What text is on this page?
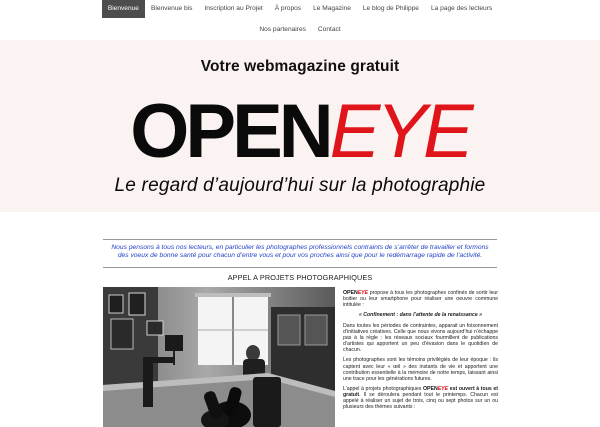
Bienvenue	Bienvenue bis	Inscription au Projet	À propos	Le Magazine	Le blog de Philippe	La page des lecteurs
Nos partenaires	Contact
Votre webmagazine gratuit
OPENEYE
Le regard d’aujourd’hui sur la photographie
Nous pensons à tous nos lecteurs, en particulier les photographes professionnels contraints de s’arrêter de travailler et formons
des voeux de bonne santé pour chacun d’entre vous et pour vos proches ainsi que pour le redémarrage rapide de l’activité.
APPEL A PROJETS PHOTOGRAPHIQUES

OPENEYE propose à tous les photographes confinés de sortir leur boitier ou leur smartphone pour réaliser une oeuvre commune intitulée :

« Confinement : dans l’attente de la renaissance »

Dans toutes les périodes de contraintes, apparait un foisonnement d’initiatives créatives. Celle que nous vivons aujourd’hui n’échappe pas à la règle : les réseaux sociaux fourmillent de publications d’artistes qui apportent un peu d’évasion dans le quotidien de chacun.

Les photographes sont les témoins privilégiés de leur époque : ils captent avec leur « œil » des instants de vie et apportent une contribution essentielle à la mémoire de notre temps, laissant ainsi une trace pour les générations futures.

L’appel à projets photographiques OPENEYE est ouvert à tous et gratuit. Il se déroulera pendant tout le printemps. Chacun est appelé à réaliser un sujet de trois, cinq ou sept photos sur un ou plusieurs des thèmes suivants :
